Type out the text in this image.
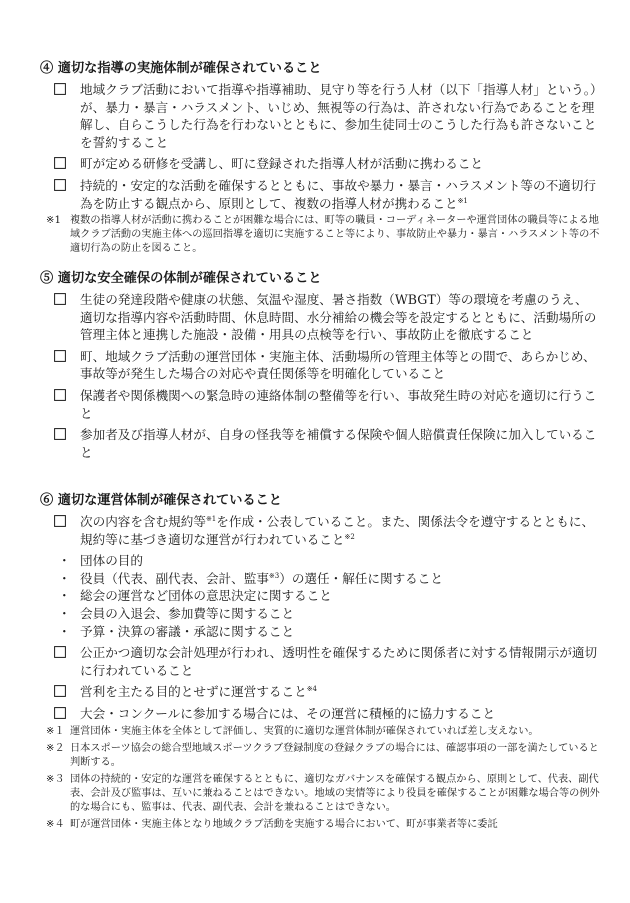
④ 適切な指導の実施体制が確保されていること
地域クラブ活動において指導や指導補助、見守り等を行う人材（以下「指導人材」という。）が、暴力・暴言・ハラスメント、いじめ、無視等の行為は、許されない行為であることを理解し、自らこうした行為を行わないとともに、参加生徒同士のこうした行為も許さないことを誓約すること
町が定める研修を受講し、町に登録された指導人材が活動に携わること
持続的・安定的な活動を確保するとともに、事故や暴力・暴言・ハラスメント等の不適切行為を防止する観点から、原則として、複数の指導人材が携わること$^{※1}$
※1 複数の指導人材が活動に携わることが困難な場合には、町等の職員・コーディネーターや運営団体の職員等による地域クラブ活動の実施主体への巡回指導を適切に実施すること等により、事故防止や暴力・暴言・ハラスメント等の不適切行為の防止を図ること。
⑤ 適切な安全確保の体制が確保されていること
生徒の発達段階や健康の状態、気温や湿度、暑さ指数（WBGT）等の環境を考慮のうえ、適切な指導内容や活動時間、休息時間、水分補給の機会等を設定するとともに、活動場所の管理主体と連携した施設・設備・用具の点検等を行い、事故防止を徹底すること
町、地域クラブ活動の運営団体・実施主体、活動場所の管理主体等との間で、あらかじめ、事故等が発生した場合の対応や責任関係等を明確化していること
保護者や関係機関への緊急時の連絡体制の整備等を行い、事故発生時の対応を適切に行うこと
参加者及び指導人材が、自身の怪我等を補償する保険や個人賠償責任保険に加入していること
⑥ 適切な運営体制が確保されていること
次の内容を含む規約等$^{※1}$を作成・公表していること。また、関係法令を遵守するとともに、規約等に基づき適切な運営が行われていること$^{※2}$
・ 団体の目的
・ 役員（代表、副代表、会計、監事$^{※3}$）の選任・解任に関すること
・ 総会の運営など団体の意思決定に関すること
・ 会員の入退会、参加費等に関すること
・ 予算・決算の審議・承認に関すること
公正かつ適切な会計処理が行われ、透明性を確保するために関係者に対する情報開示が適切に行われていること
営利を主たる目的とせずに運営すること$^{※4}$
大会・コンクールに参加する場合には、その運営に積極的に協力すること
※１ 運営団体・実施主体を全体として評価し、実質的に適切な運営体制が確保されていれば差し支えない。
※２ 日本スポーツ協会の総合型地域スポーツクラブ登録制度の登録クラブの場合には、確認事項の一部を満たしていると判断する。
※３ 団体の持続的・安定的な運営を確保するとともに、適切なガバナンスを確保する観点から、原則として、代表、副代表、会計及び監事は、互いに兼ねることはできない。地域の実情等により役員を確保することが困難な場合等の例外的な場合にも、監事は、代表、副代表、会計を兼ねることはできない。
※４ 町が運営団体・実施主体となり地域クラブ活動を実施する場合において、町が事業者等に委託
